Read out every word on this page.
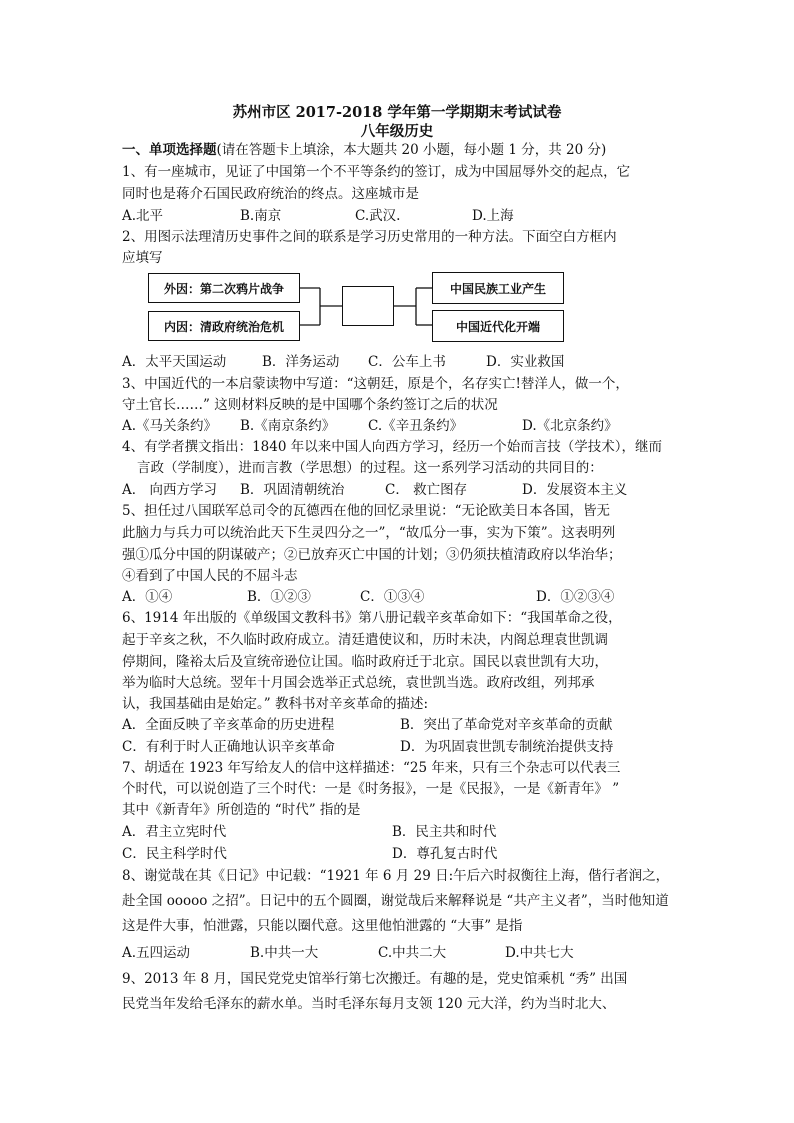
苏州市区 2017-2018 学年第一学期期末考试试卷
八年级历史
一、单项选择题(请在答题卡上填涂，本大题共 20 小题，每小题 1 分，共 20 分)
1、有一座城市，见证了中国第一个不平等条约的签订，成为中国屈辱外交的起点，它
同时也是蒋介石国民政府统治的终点。这座城市是
A.北平	B.南京	C.武汉.	D.上海
2、用图示法理清历史事件之间的联系是学习历史常用的一种方法。下面空白方框内
应填写
外因：第二次鸦片战争
内因：清政府统治危机
中国民族工业产生
中国近代化开端
A．太平天国运动	B．洋务运动 C．公车上书	D．实业救国
3、中国近代的一本启蒙读物中写道：“这朝廷，原是个，名存实亡!替洋人，做一个，
守土官长……” 这则材料反映的是中国哪个条约签订之后的状况
A.《马关条约》 B.《南京条约》 C.《辛丑条约》	D.《北京条约》
4、有学者撰文指出：1840 年以来中国人向西方学习，经历一个始而言技（学技术），继而
言政（学制度），进而言教（学思想）的过程。这一系列学习活动的共同目的：
A． 向西方学习 B．巩固清朝统治	C． 救亡图存	D．发展资本主义
5、担任过八国联军总司令的瓦德西在他的回忆录里说：“无论欧美日本各国，皆无
此脑力与兵力可以统治此天下生灵四分之一”，“故瓜分一事，实为下策”。这表明列
强①瓜分中国的阴谋破产；②已放弃灭亡中国的计划；③仍须扶植清政府以华治华；
④看到了中国人民的不屈斗志
A．①④	B．①②③	C．①③④	D．①②③④
6、1914 年出版的《单级国文教科书》第八册记载辛亥革命如下：“我国革命之役，
起于辛亥之秋，不久临时政府成立。清廷遣使议和，历时未决，内阁总理袁世凯调
停期间，隆裕太后及宣统帝逊位让国。临时政府迁于北京。国民以袁世凯有大功，
举为临时大总统。翌年十月国会选举正式总统，袁世凯当选。政府改组，列邦承
认，我国基础由是始定。” 教科书对辛亥革命的描述:
A．全面反映了辛亥革命的历史进程	B．突出了革命党对辛亥革命的贡献
C．有利于时人正确地认识辛亥革命	D．为巩固袁世凯专制统治提供支持
7、胡适在 1923 年写给友人的信中这样描述：“25 年来，只有三个杂志可以代表三
个时代，可以说创造了三个时代：一是《时务报》，一是《民报》，一是《新青年》 ”
其中《新青年》所创造的 “时代” 指的是
A．君主立宪时代	B．民主共和时代
C．民主科学时代	D．尊孔复古时代
8、谢觉哉在其《日记》中记载：“1921 年 6 月 29 日:午后六时叔衡往上海，偕行者润之，
赴全国 ooooo 之招”。日记中的五个圆圈，谢觉哉后来解释说是 “共产主义者”，当时他知道
这是件大事，怕泄露，只能以圈代意。这里他怕泄露的 “大事” 是指
A.五四运动	B.中共一大	C.中共二大	D.中共七大
9、2013 年 8 月，国民党党史馆举行第七次搬迁。有趣的是，党史馆乘机 “秀” 出国
民党当年发给毛泽东的薪水单。当时毛泽东每月支领 120 元大洋，约为当时北大、
